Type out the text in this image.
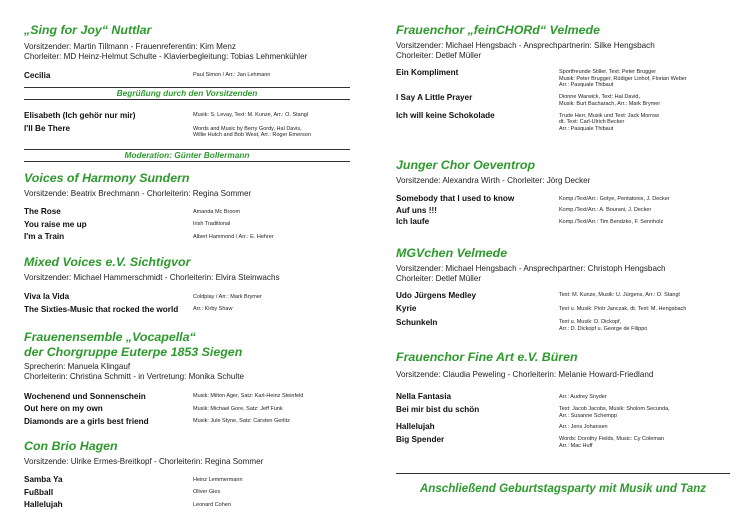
„Sing for Joy“ Nuttlar
Vorsitzender: Martin Tillmann - Frauenreferentin: Kim Menz
Chorleiter: MD Heinz-Helmut Schulte - Klavierbegleitung: Tobias Lehmenkühler
Cecilia	Paul Simon / Arr.: Jan Lehmann
Begrüßung durch den Vorsitzenden
Elisabeth (Ich gehör nur mir)	Musik: S. Levay, Text: M. Kunze, Arr.: O. Stangl
I'll Be There	Words and Music by Berry Gordy, Hal Davis,
Willie Hutch and Bob West, Arr.: Roger Emerson
Moderation: Günter Bollermann
Voices of Harmony Sundern
Vorsitzende: Beatrix Brechmann - Chorleiterin: Regina Sommer
The Rose	Amanda Mc Broom
You raise me up	Irish Traditional
I'm a Train	Albert Hammond / Arr.: E. Hehrer
Mixed Voices e.V. Sichtigvor
Vorsitzender: Michael Hammerschmidt - Chorleiterin: Elvira Steinwachs
Viva la Vida	Coldplay / Arr.: Mark Brymer
The Sixties-Music that rocked the world	Arr.: Kirby Shaw
Frauenensemble „Vocapella“
der Chorgruppe Euterpe 1853 Siegen
Sprecherin: Manuela Klingauf
Chorleiterin: Christina Schmitt - in Vertretung: Monika Schulte
Wochenend und Sonnenschein	Musik: Milton Ager, Satz: Karl-Heinz Steinfeld
Out here on my own	Musik: Michael Gore, Satz: Jeff Funk
Diamonds are a girls best friend	Musik: Jule Styne, Satz: Carsten Gerlitz
Con Brio Hagen
Vorsitzende: Ulrike Ermes-Breitkopf - Chorleiterin: Regina Sommer
Samba Ya	Heinz Lemmermann
Fußball	Oliver Gies
Hallelujah	Leonard Cohen
Frauenchor „feinCHORd“ Velmede
Vorsitzender: Michael Hengsbach - Ansprechpartnerin: Silke Hengsbach
Chorleiter: Detlef Müller
Ein Kompliment	Sportfreunde Stiller, Text: Peter Brugger
Musik: Peter Brugger, Rüdiger Linhof, Florian Weber
Arr.: Pasquale Thibaut
I Say A Little Prayer	Dionne Warwick, Text: Hal David,
Musik: Burt Bacharach, Arr.: Mark Brymer
Ich will keine Schokolade	Trude Herr, Musik und Text: Jack Morrow
dt. Text: Carl-Ulrich Becker
Arr.: Pasquale Thibaut
Junger Chor Oeventrop
Vorsitzende: Alexandra Wirth - Chorleiter: Jörg Decker
Somebody that I used to know	Komp./Text/Arr.: Gotye, Pentatonix, J. Decker
Auf uns !!!	Komp./Text/Arr.: A. Bourani, J. Decker
Ich laufe	Komp./Text/Arr.: Tim Bendzko, F. Sennholz
MGVchen Velmede
Vorsitzender: Michael Hengsbach - Ansprechpartner: Christoph Hengsbach
Chorleiter: Detlef Müller
Udo Jürgens Medley	Text: M. Kunze, Musik: U. Jürgens, Arr.: O. Stangl
Kyrie	Text u. Musik: Piotr Janczak, dt. Text: M. Hengsbach
Schunkeln	Text u. Musik: D. Dickopf,
Arr.: D. Dickopf u. George de Filippo
Frauenchor Fine Art e.V. Büren
Vorsitzende: Claudia Peweling - Chorleiterin: Melanie Howard-Friedland
Nella Fantasia	Arr.: Audrey Snyder
Bei mir bist du schön	Text: Jacob Jacobs, Musik: Sholom Secunda,
Arr.: Susanne Schempp
Hallelujah	Arr.: Jens Johansen
Big Spender	Words: Dorothy Fields, Music: Cy Coleman
Arr.: Mac Huff
Anschließend Geburtstagsparty mit Musik und Tanz
